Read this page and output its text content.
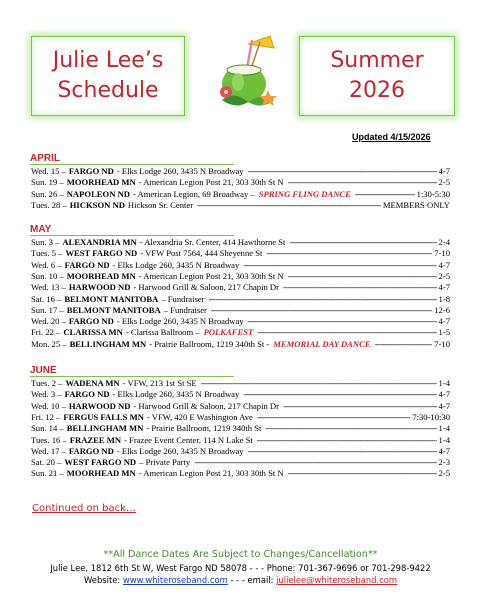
Julie Lee’s
Schedule
Summer
2026
Updated 4/15/2026
APRIL
Wed. 15 – FARGO ND - Elks Lodge 260, 3435 N Broadway -----	4-7
Sun. 19 – MOORHEAD MN - American Legion Post 21, 303 30th St N -----	2-5
Sun. 26 – NAPOLEON ND - American Legion, 69 Broadway – SPRING FLING DANCE -----	1:30-5:30
Tues. 28 – HICKSON ND Hickson Sr. Center -----	MEMBERS ONLY
MAY
Sun. 3 – ALEXANDRIA MN - Alexandria Sr. Center, 414 Hawthorne St -----	2-4
Tues. 5 – WEST FARGO ND - VFW Post 7564, 444 Sheyenne St -----	7-10
Wed. 6 – FARGO ND - Elks Lodge 260, 3435 N Broadway -----	4-7
Sun. 10 – MOORHEAD MN - American Legion Post 21, 303 30th St N -----	2-5
Wed. 13 – HARWOOD ND - Harwood Grill & Saloon, 217 Chapin Dr -----	4-7
Sat. 16 – BELMONT MANITOBA – Fundraiser -----	1-8
Sun. 17 – BELMONT MANITOBA – Fundraiser -----	12-6
Wed. 20 – FARGO ND - Elks Lodge 260, 3435 N Broadway -----	4-7
Fri. 22 – CLARISSA MN - Clarissa Ballroom – POLKAFEST -----	1-5
Mon. 25 – BELLINGHAM MN - Prairie Ballroom, 1219 340th St - MEMORIAL DAY DANCE -----	7-10
JUNE
Tues. 2 – WADENA MN - VFW, 213 1st St SE -----	1-4
Wed. 3 – FARGO ND - Elks Lodge 260, 3435 N Broadway -----	4-7
Wed. 10 – HARWOOD ND - Harwood Grill & Saloon, 217 Chapin Dr -----	4-7
Fri. 12 – FERGUS FALLS MN - VFW, 420 E Washington Ave -----	7:30-10:30
Sun. 14 – BELLINGHAM MN - Prairie Ballroom, 1219 340th St -----	1-4
Tues. 16 – FRAZEE MN - Frazee Event Center, 114 N Lake St -----	1-4
Wed. 17 – FARGO ND - Elks Lodge 260, 3435 N Broadway -----	4-7
Sat. 20 – WEST FARGO ND – Private Party -----	2-3
Sun. 21 – MOORHEAD MN - American Legion Post 21, 303 30th St N -----	2-5
Continued on back…
**All Dance Dates Are Subject to Changes/Cancellation**
Julie Lee, 1812 6th St W, West Fargo ND 58078 - - - Phone: 701-367-9696 or 701-298-9422
Website: www.whiteroseband.com - - - email: julielee@whiteroseband.com
